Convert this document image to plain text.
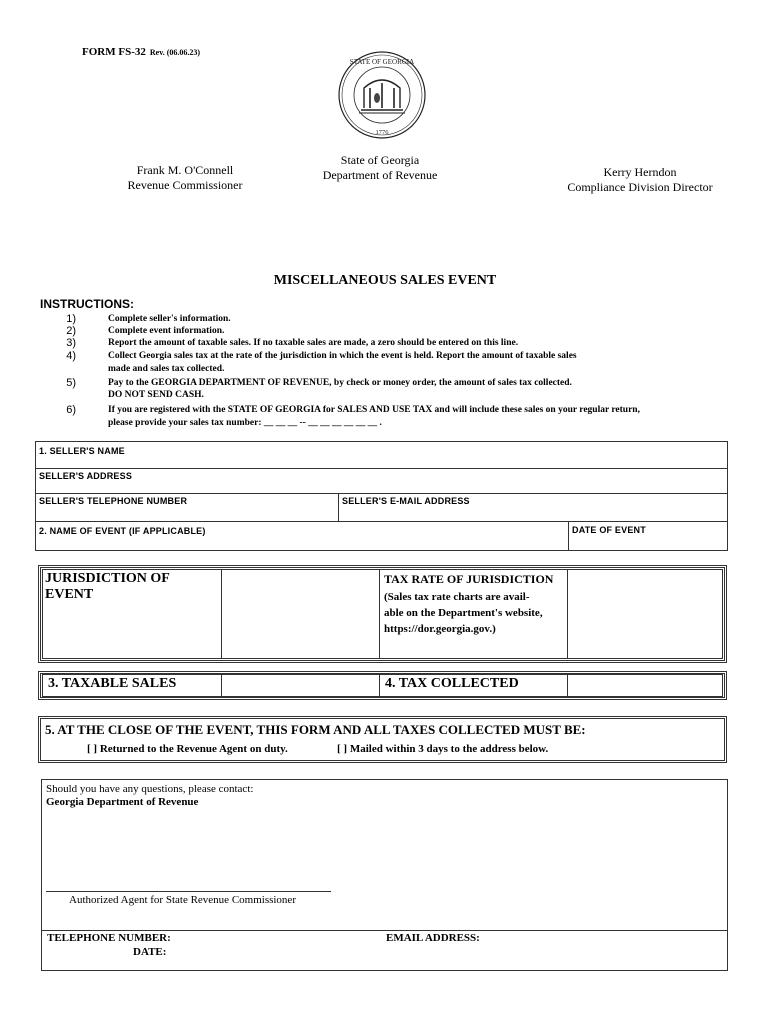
FORM FS-32 Rev. (06.06.23)
STATE OF GEORGIA
1776
Frank M. O'Connell
Revenue Commissioner
State of Georgia
Department of Revenue	Kerry Herndon
Compliance Division Director
MISCELLANEOUS SALES EVENT
INSTRUCTIONS:
1)	Complete seller's information.
2)	Complete event information.
3)	Report the amount of taxable sales. If no taxable sales are made, a zero should be entered on this line.
4)	Collect Georgia sales tax at the rate of the jurisdiction in which the event is held. Report the amount of taxable sales
made and sales tax collected.
5)	Pay to the GEORGIA DEPARTMENT OF REVENUE, by check or money order, the amount of sales tax collected.
DO NOT SEND CASH.
6)	If you are registered with the STATE OF GEORGIA for SALES AND USE TAX and will include these sales on your regular return,
please provide your sales tax number: __ __ __ -- __ __ __ __ __ __ .
1. SELLER'S NAME
SELLER'S ADDRESS
SELLER'S TELEPHONE NUMBER	SELLER'S E-MAIL ADDRESS
2. NAME OF EVENT (IF APPLICABLE)	DATE OF EVENT
JURISDICTION OF EVENT
TAX RATE OF JURISDICTION
(Sales tax rate charts are avail-
able on the Department's website,
https://dor.georgia.gov.)
3. TAXABLE SALES	4. TAX COLLECTED
5. AT THE CLOSE OF THE EVENT, THIS FORM AND ALL TAXES COLLECTED MUST BE:
[ ] Returned to the Revenue Agent on duty.	[ ] Mailed within 3 days to the address below.
Should you have any questions, please contact:
Georgia Department of Revenue
Authorized Agent for State Revenue Commissioner
TELEPHONE NUMBER:	EMAIL ADDRESS:
DATE:
